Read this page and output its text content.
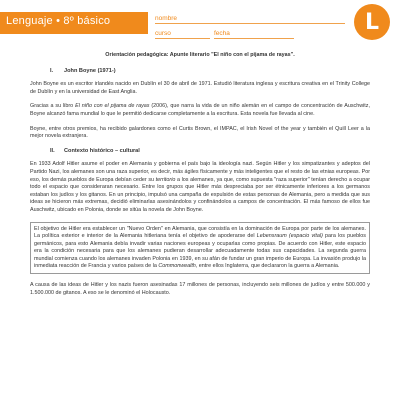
Lenguaje • 8º básico	nombre
curso	fecha	L
Orientación pedagógica: Apunte literario "El niño con el pijama de rayas".
I. John Boyne (1971-)

John Boyne es un escritor irlandés nacido en Dublín el 30 de abril de 1971. Estudió literatura inglesa y escritura creativa en el Trinity College de Dublín y en la universidad de East Anglia.

Gracias a su libro El niño con el pijama de rayas (2006), que narra la vida de un niño alemán en el campo de concentración de Auschwitz, Boyne alcanzó fama mundial lo que le permitió dedicarse completamente a la escritura. Esta novela fue llevada al cine.

Boyne, entre otros premios, ha recibido galardones como el Curtis Brown, el IMPAC, el Irish Novel of the year y también el Quill Leer a la mejor novela extranjera.

II. Contexto histórico – cultural

En 1933 Adolf Hitler asume el poder en Alemania y gobierna el país bajo la ideología nazi. Según Hitler y los simpatizantes y adeptos del Partido Nazi, los alemanes son una raza superior, es decir, más ágiles físicamente y más inteligentes que el resto de las etnias europeas. Por eso, los demás pueblos de Europa debían ceder su territorio a los alemanes, ya que, como supuesta "raza superior" tenían derecho a ocupar todo el espacio que consideraran necesario. Entre los grupos que Hitler más despreciaba por ser étnicamente inferiores a los germanos estaban los judíos y los gitanos. En un principio, impulsó una campaña de expulsión de estas personas de Alemania, pero a medida que sus ideas se hicieron más extremas, decidió eliminarlas asesinándolos y confinándolos a campos de concentración. El más famoso de ellos fue Auschwitz, ubicado en Polonia, donde se sitúa la novela de John Boyne.

El objetivo de Hitler era establecer un "Nuevo Orden" en Alemania, que consistía en la dominación de Europa por parte de los alemanes. La política exterior e interior de la Alemania hitleriana tenía el objetivo de apoderarse del Lebensraum (espacio vital) para los pueblos germánicos, para esto Alemania debía invadir varias naciones europeas y ocuparlas como propias. De acuerdo con Hitler, este espacio era la condición necesaria para que los alemanes pudieran desarrollar adecuadamente todas sus capacidades. La segunda guerra mundial comienza cuando los alemanes invaden Polonia en 1939, en su afán de fundar un gran imperio de Europa. La invasión produjo la inmediata reacción de Francia y varios países de la Commonwealth, entre ellos Inglaterra, que declararon la guerra a Alemania.

A causa de las ideas de Hitler y los nazis fueron asesinadas 17 millones de personas, incluyendo seis millones de judíos y entre 500.000 y 1.500.000 de gitanos. A eso se le denominó el Holocausto.
